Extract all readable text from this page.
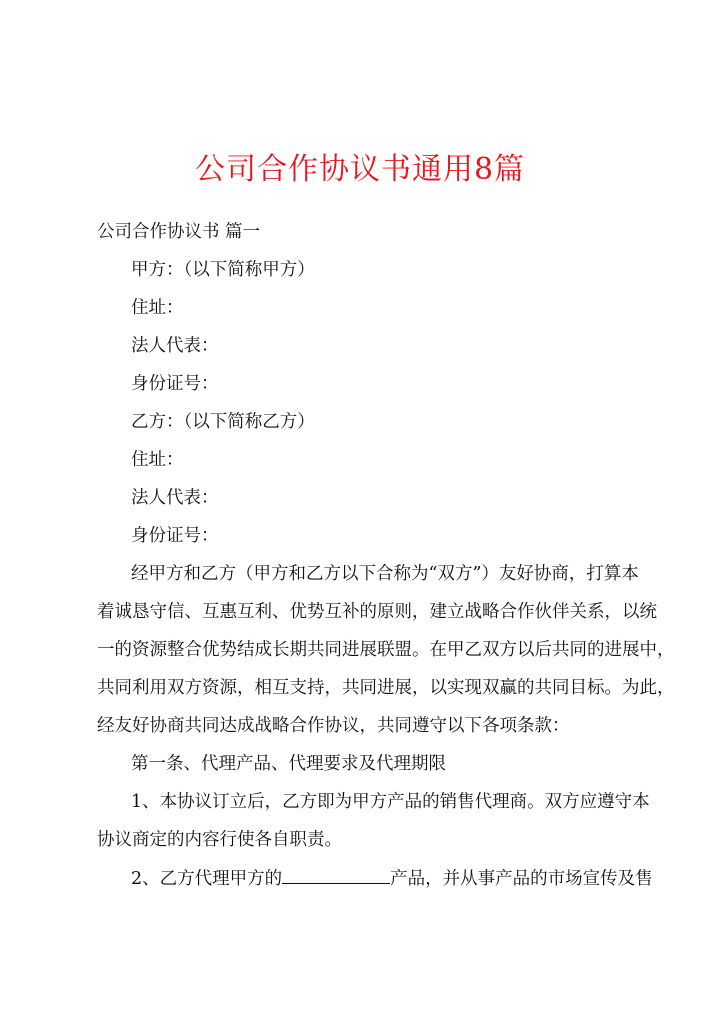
公司合作协议书通用8篇
公司合作协议书 篇一
甲方：（以下简称甲方）
住址：
法人代表：
身份证号：
乙方：（以下简称乙方）
住址：
法人代表：
身份证号：
经甲方和乙方（甲方和乙方以下合称为“双方”）友好协商，打算本
着诚恳守信、互惠互利、优势互补的原则，建立战略合作伙伴关系，以统
一的资源整合优势结成长期共同进展联盟。在甲乙双方以后共同的进展中，
共同利用双方资源，相互支持，共同进展，以实现双赢的共同目标。为此，
经友好协商共同达成战略合作协议，共同遵守以下各项条款：
第一条、代理产品、代理要求及代理期限
1、本协议订立后，乙方即为甲方产品的销售代理商。双方应遵守本
协议商定的内容行使各自职责。
2、乙方代理甲方的	产品，并从事产品的市场宣传及售
